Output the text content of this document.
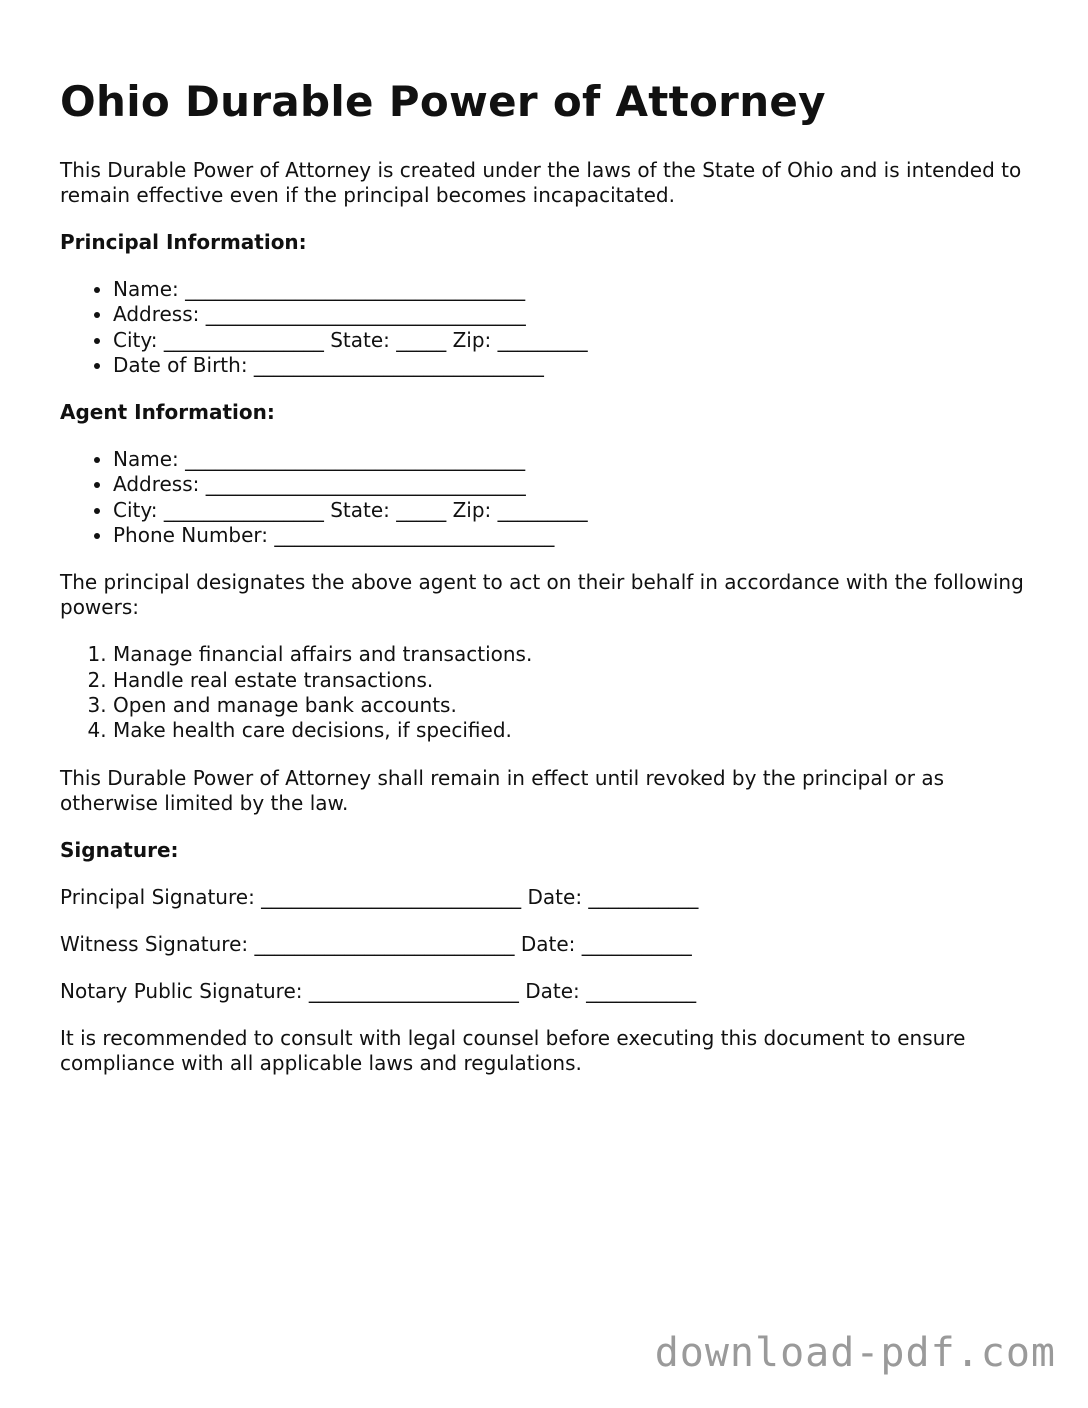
Ohio Durable Power of Attorney

This Durable Power of Attorney is created under the laws of the State of Ohio and is intended to remain effective even if the principal becomes incapacitated.

Principal Information:

• Name: __________________________________
• Address: ________________________________
• City: ________________ State: _____ Zip: _________
• Date of Birth: _____________________________

Agent Information:

• Name: __________________________________
• Address: ________________________________
• City: ________________ State: _____ Zip: _________
• Phone Number: ____________________________

The principal designates the above agent to act on their behalf in accordance with the following powers:

1. Manage financial affairs and transactions.
2. Handle real estate transactions.
3. Open and manage bank accounts.
4. Make health care decisions, if specified.

This Durable Power of Attorney shall remain in effect until revoked by the principal or as otherwise limited by the law.

Signature:

Principal Signature: __________________________ Date: ___________

Witness Signature: __________________________ Date: ___________

Notary Public Signature: _____________________ Date: ___________

It is recommended to consult with legal counsel before executing this document to ensure compliance with all applicable laws and regulations.

download-pdf.com
